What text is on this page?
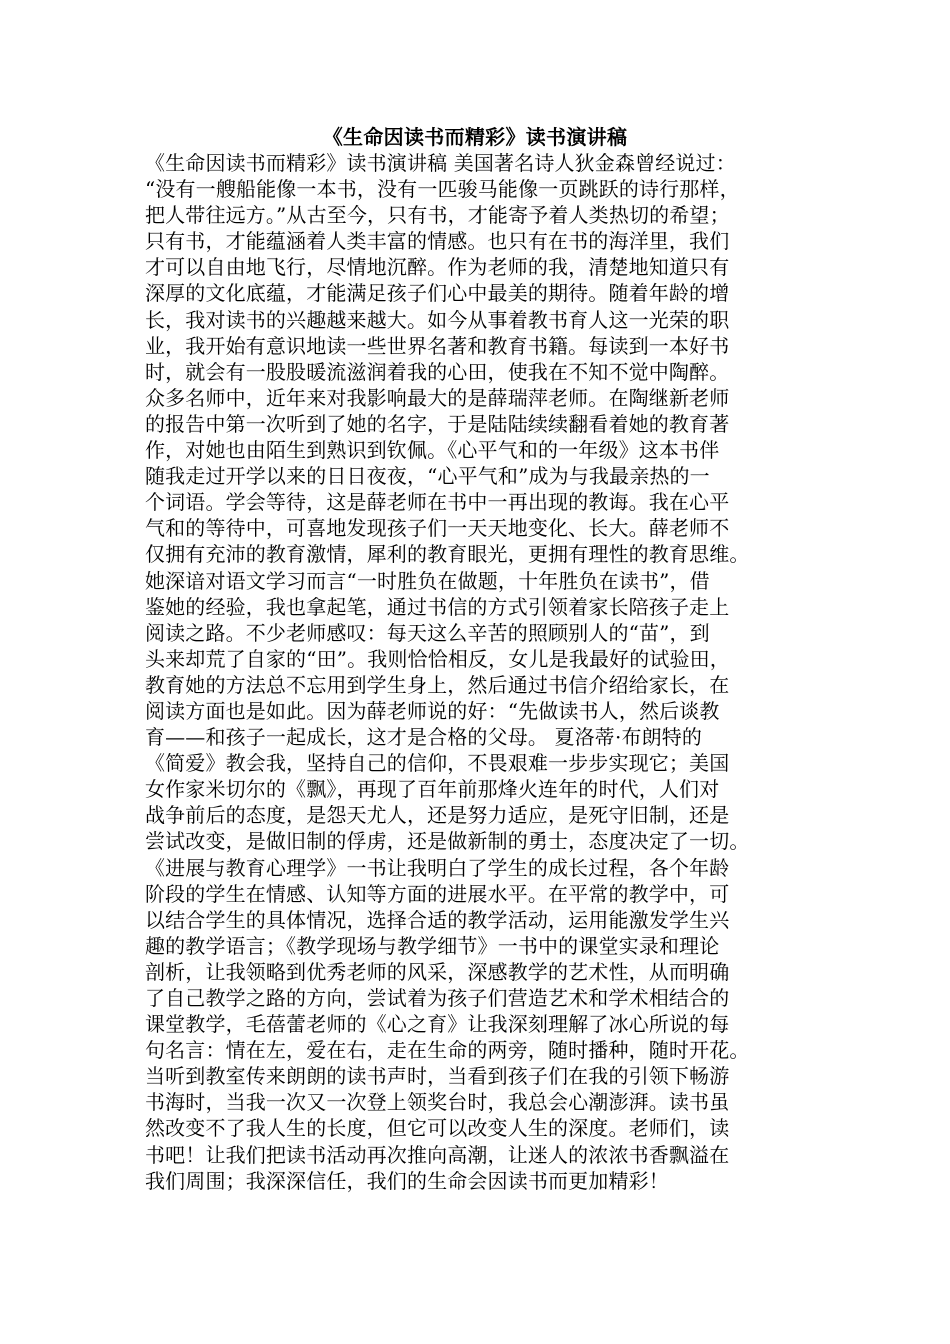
《生命因读书而精彩》读书演讲稿

《生命因读书而精彩》读书演讲稿 美国著名诗人狄金森曾经说过：

“没有一艘船能像一本书，没有一匹骏马能像一页跳跃的诗行那样，

把人带往远方。”从古至今，只有书，才能寄予着人类热切的希望；

只有书，才能蕴涵着人类丰富的情感。也只有在书的海洋里，我们

才可以自由地飞行，尽情地沉醉。作为老师的我，清楚地知道只有

深厚的文化底蕴，才能满足孩子们心中最美的期待。随着年龄的增

长，我对读书的兴趣越来越大。如今从事着教书育人这一光荣的职

业，我开始有意识地读一些世界名著和教育书籍。每读到一本好书

时，就会有一股股暖流滋润着我的心田，使我在不知不觉中陶醉。

众多名师中，近年来对我影响最大的是薛瑞萍老师。在陶继新老师

的报告中第一次听到了她的名字，于是陆陆续续翻看着她的教育著

作，对她也由陌生到熟识到钦佩。《心平气和的一年级》这本书伴

随我走过开学以来的日日夜夜，“心平气和”成为与我最亲热的一

个词语。学会等待，这是薛老师在书中一再出现的教诲。我在心平

气和的等待中，可喜地发现孩子们一天天地变化、长大。薛老师不

仅拥有充沛的教育激情，犀利的教育眼光，更拥有理性的教育思维。

她深谙对语文学习而言“一时胜负在做题，十年胜负在读书”，借

鉴她的经验，我也拿起笔，通过书信的方式引领着家长陪孩子走上

阅读之路。不少老师感叹：每天这么辛苦的照顾别人的“苗”，到

头来却荒了自家的“田”。我则恰恰相反，女儿是我最好的试验田，

教育她的方法总不忘用到学生身上，然后通过书信介绍给家长，在

阅读方面也是如此。因为薛老师说的好：“先做读书人，然后谈教

育——和孩子一起成长，这才是合格的父母。 夏洛蒂·布朗特的

《简爱》教会我，坚持自己的信仰，不畏艰难一步步实现它；美国

女作家米切尔的《飘》，再现了百年前那烽火连年的时代，人们对

战争前后的态度，是怨天尤人，还是努力适应，是死守旧制，还是

尝试改变，是做旧制的俘虏，还是做新制的勇士，态度决定了一切。

《进展与教育心理学》一书让我明白了学生的成长过程，各个年龄

阶段的学生在情感、认知等方面的进展水平。在平常的教学中，可

以结合学生的具体情况，选择合适的教学活动，运用能激发学生兴

趣的教学语言；《教学现场与教学细节》一书中的课堂实录和理论

剖析，让我领略到优秀老师的风采，深感教学的艺术性，从而明确

了自己教学之路的方向，尝试着为孩子们营造艺术和学术相结合的

课堂教学，毛蓓蕾老师的《心之育》让我深刻理解了冰心所说的每

句名言：情在左，爱在右，走在生命的两旁，随时播种，随时开花。

当听到教室传来朗朗的读书声时，当看到孩子们在我的引领下畅游

书海时，当我一次又一次登上领奖台时，我总会心潮澎湃。读书虽

然改变不了我人生的长度，但它可以改变人生的深度。老师们，读

书吧！让我们把读书活动再次推向高潮，让迷人的浓浓书香飘溢在

我们周围；我深深信任，我们的生命会因读书而更加精彩！
